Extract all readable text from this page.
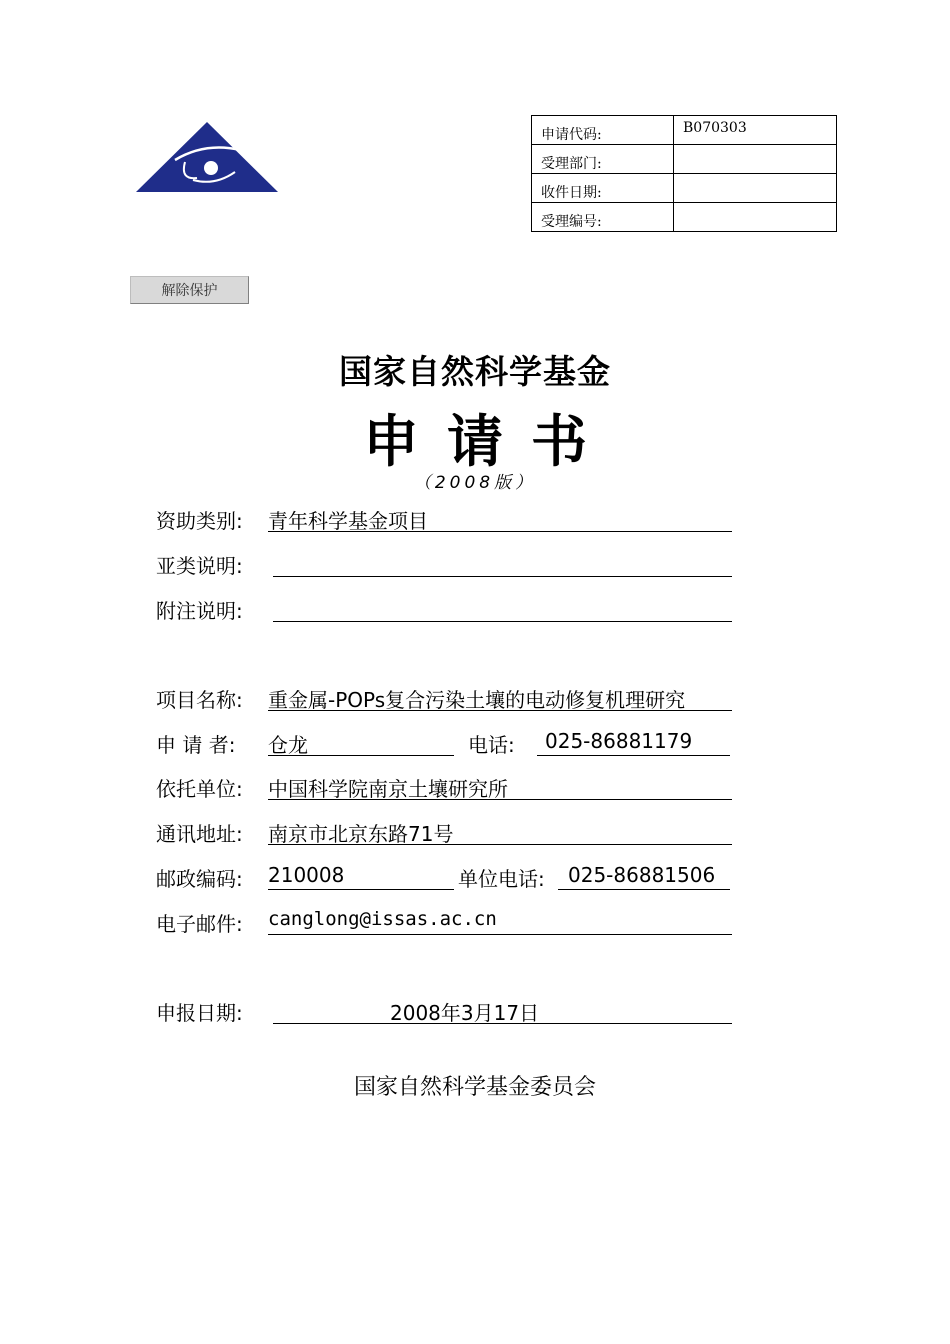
申请代码:	B070303
受理部门:	
收件日期:	
受理编号:	
解除保护
国家自然科学基金
申请书
（2008版）
资助类别: 青年科学基金项目
亚类说明:
附注说明:
项目名称: 重金属-POPs复合污染土壤的电动修复机理研究
申 请 者: 仓龙	电话: 025-86881179
依托单位: 中国科学院南京土壤研究所
通讯地址: 南京市北京东路71号
邮政编码: 210008	单位电话: 025-86881506
电子邮件: canglong@issas.ac.cn
申报日期:	2008年3月17日
国家自然科学基金委员会
